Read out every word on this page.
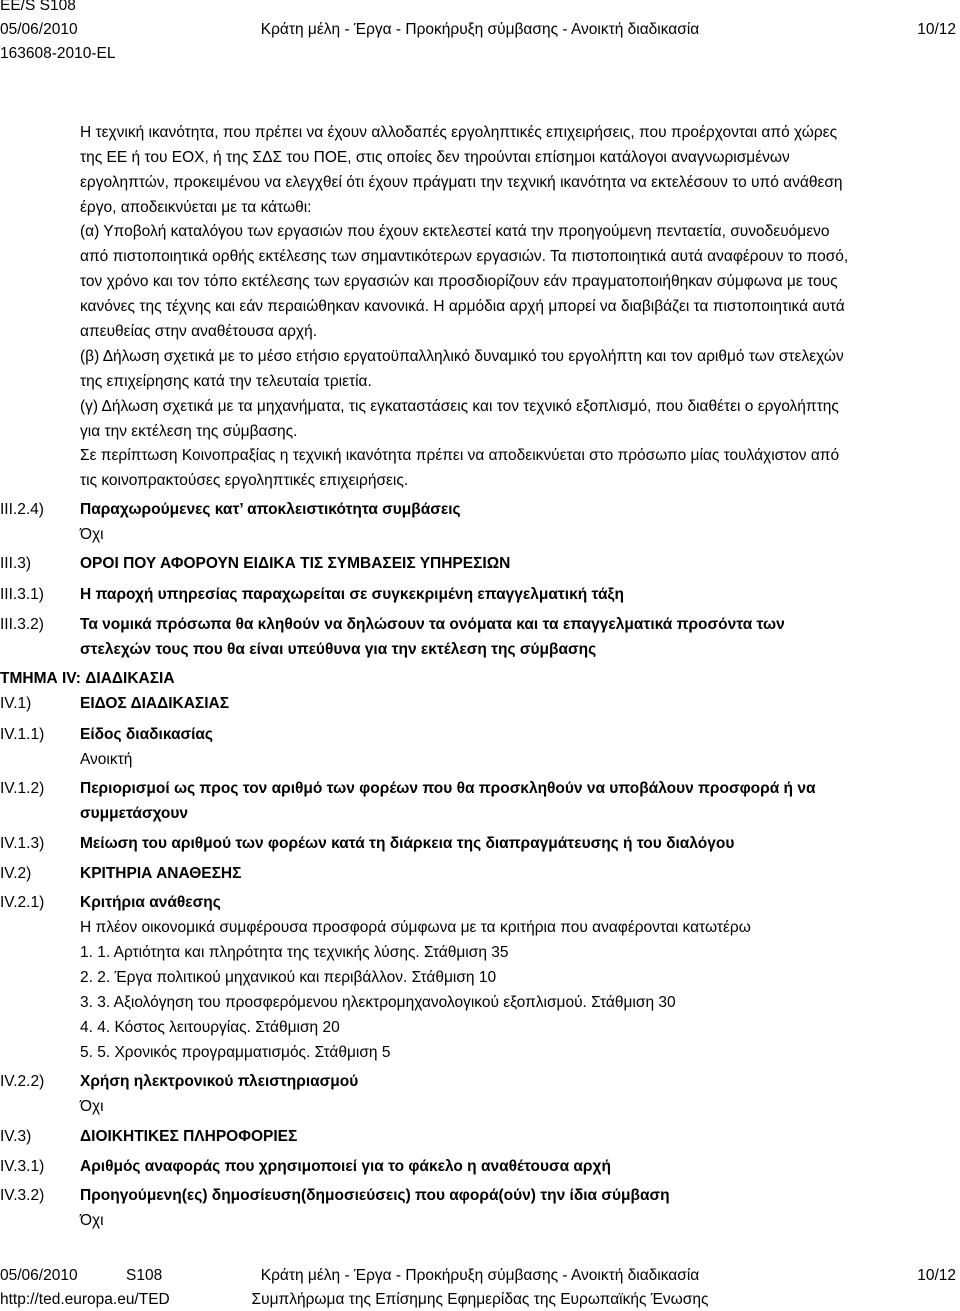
EE/S S108
05/06/2010	Κράτη μέλη - Έργα - Προκήρυξη σύμβασης - Ανοικτή διαδικασία	10/12
163608-2010-EL
Η τεχνική ικανότητα, που πρέπει να έχουν αλλοδαπές εργοληπτικές επιχειρήσεις, που προέρχονται από χώρες
της ΕΕ ή του ΕΟΧ, ή της ΣΔΣ του ΠΟΕ, στις οποίες δεν τηρούνται επίσημοι κατάλογοι αναγνωρισμένων
εργοληπτών, προκειμένου να ελεγχθεί ότι έχουν πράγματι την τεχνική ικανότητα να εκτελέσουν το υπό ανάθεση
έργο, αποδεικνύεται με τα κάτωθι:
(α) Υποβολή καταλόγου των εργασιών που έχουν εκτελεστεί κατά την προηγούμενη πενταετία, συνοδευόμενο
από πιστοποιητικά ορθής εκτέλεσης των σημαντικότερων εργασιών. Τα πιστοποιητικά αυτά αναφέρουν το ποσό,
τον χρόνο και τον τόπο εκτέλεσης των εργασιών και προσδιορίζουν εάν πραγματοποιήθηκαν σύμφωνα με τους
κανόνες της τέχνης και εάν περαιώθηκαν κανονικά. Η αρμόδια αρχή μπορεί να διαβιβάζει τα πιστοποιητικά αυτά
απευθείας στην αναθέτουσα αρχή.
(β) Δήλωση σχετικά με το μέσο ετήσιο εργατοϋπαλληλικό δυναμικό του εργολήπτη και τον αριθμό των στελεχών
της επιχείρησης κατά την τελευταία τριετία.
(γ) Δήλωση σχετικά με τα μηχανήματα, τις εγκαταστάσεις και τον τεχνικό εξοπλισμό, που διαθέτει ο εργολήπτης
για την εκτέλεση της σύμβασης.
Σε περίπτωση Κοινοπραξίας η τεχνική ικανότητα πρέπει να αποδεικνύεται στο πρόσωπο μίας τουλάχιστον από
τις κοινοπρακτούσες εργοληπτικές επιχειρήσεις.
III.2.4) Παραχωρούμενες κατ’ αποκλειστικότητα συμβάσεις
Όχι
III.3)	ΟΡΟΙ ΠΟΥ ΑΦΟΡΟΥΝ ΕΙΔΙΚΑ ΤΙΣ ΣΥΜΒΑΣΕΙΣ ΥΠΗΡΕΣΙΩΝ
III.3.1) Η παροχή υπηρεσίας παραχωρείται σε συγκεκριμένη επαγγελματική τάξη
III.3.2) Τα νομικά πρόσωπα θα κληθούν να δηλώσουν τα ονόματα και τα επαγγελματικά προσόντα των
στελεχών τους που θα είναι υπεύθυνα για την εκτέλεση της σύμβασης
ΤΜΗΜΑ IV: ΔΙΑΔΙΚΑΣΙΑ
IV.1)	ΕΙΔΟΣ ΔΙΑΔΙΚΑΣΙΑΣ
IV.1.1) Είδος διαδικασίας
Ανοικτή
IV.1.2) Περιορισμοί ως προς τον αριθμό των φορέων που θα προσκληθούν να υποβάλουν προσφορά ή να
συμμετάσχουν
IV.1.3) Μείωση του αριθμού των φορέων κατά τη διάρκεια της διαπραγμάτευσης ή του διαλόγου
IV.2)	ΚΡΙΤΗΡΙΑ ΑΝΑΘΕΣΗΣ
IV.2.1) Κριτήρια ανάθεσης
Η πλέον οικονομικά συμφέρουσα προσφορά σύμφωνα με τα κριτήρια που αναφέρονται κατωτέρω
1. 1. Αρτιότητα και πληρότητα της τεχνικής λύσης. Στάθμιση 35
2. 2. Έργα πολιτικού μηχανικού και περιβάλλον. Στάθμιση 10
3. 3. Αξιολόγηση του προσφερόμενου ηλεκτρομηχανολογικού εξοπλισμού. Στάθμιση 30
4. 4. Κόστος λειτουργίας. Στάθμιση 20
5. 5. Χρονικός προγραμματισμός. Στάθμιση 5
IV.2.2) Χρήση ηλεκτρονικού πλειστηριασμού
Όχι
IV.3)	ΔΙΟΙΚΗΤΙΚΕΣ ΠΛΗΡΟΦΟΡΙΕΣ
IV.3.1) Αριθμός αναφοράς που χρησιμοποιεί για το φάκελο η αναθέτουσα αρχή
IV.3.2) Προηγούμενη(ες) δημοσίευση(δημοσιεύσεις) που αφορά(ούν) την ίδια σύμβαση
Όχι
05/06/2010	S108	Κράτη μέλη - Έργα - Προκήρυξη σύμβασης - Ανοικτή διαδικασία	10/12
http://ted.europa.eu/TED	Συμπλήρωμα της Επίσημης Εφημερίδας της Ευρωπαϊκής Ένωσης
